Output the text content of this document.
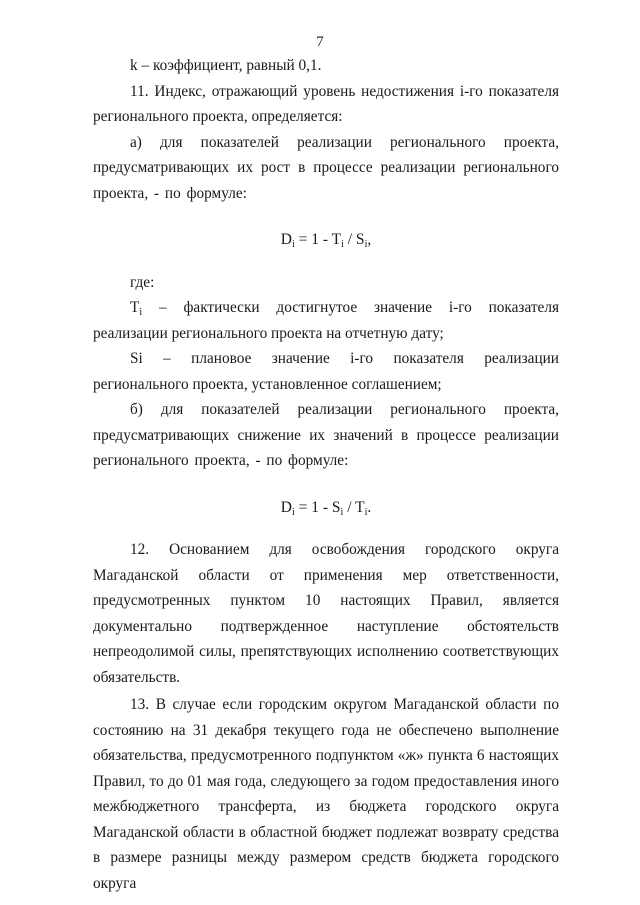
7

k – коэффициент, равный 0,1.

11. Индекс, отражающий уровень недостижения i-го показателя регионального проекта, определяется:

а) для показателей реализации регионального проекта, предусматривающих их рост в процессе реализации регионального проекта, - по формуле:

$D_i = 1 - T_i / S_i$,

где:

$T_i$ – фактически достигнутое значение i-го показателя реализации регионального проекта на отчетную дату;

Si – плановое значение i-го показателя реализации регионального проекта, установленное соглашением;

б) для показателей реализации регионального проекта, предусматривающих снижение их значений в процессе реализации регионального проекта, - по формуле:

$D_i = 1 - S_i / T_i$.

12. Основанием для освобождения городского округа Магаданской области от применения мер ответственности, предусмотренных пунктом 10 настоящих Правил, является документально подтвержденное наступление обстоятельств непреодолимой силы, препятствующих исполнению соответствующих обязательств.

13. В случае если городским округом Магаданской области по состоянию на 31 декабря текущего года не обеспечено выполнение обязательства, предусмотренного подпунктом «ж» пункта 6 настоящих Правил, то до 01 мая года, следующего за годом предоставления иного межбюджетного трансферта, из бюджета городского округа Магаданской области в областной бюджет подлежат возврату средства в размере разницы между размером средств бюджета городского округа
